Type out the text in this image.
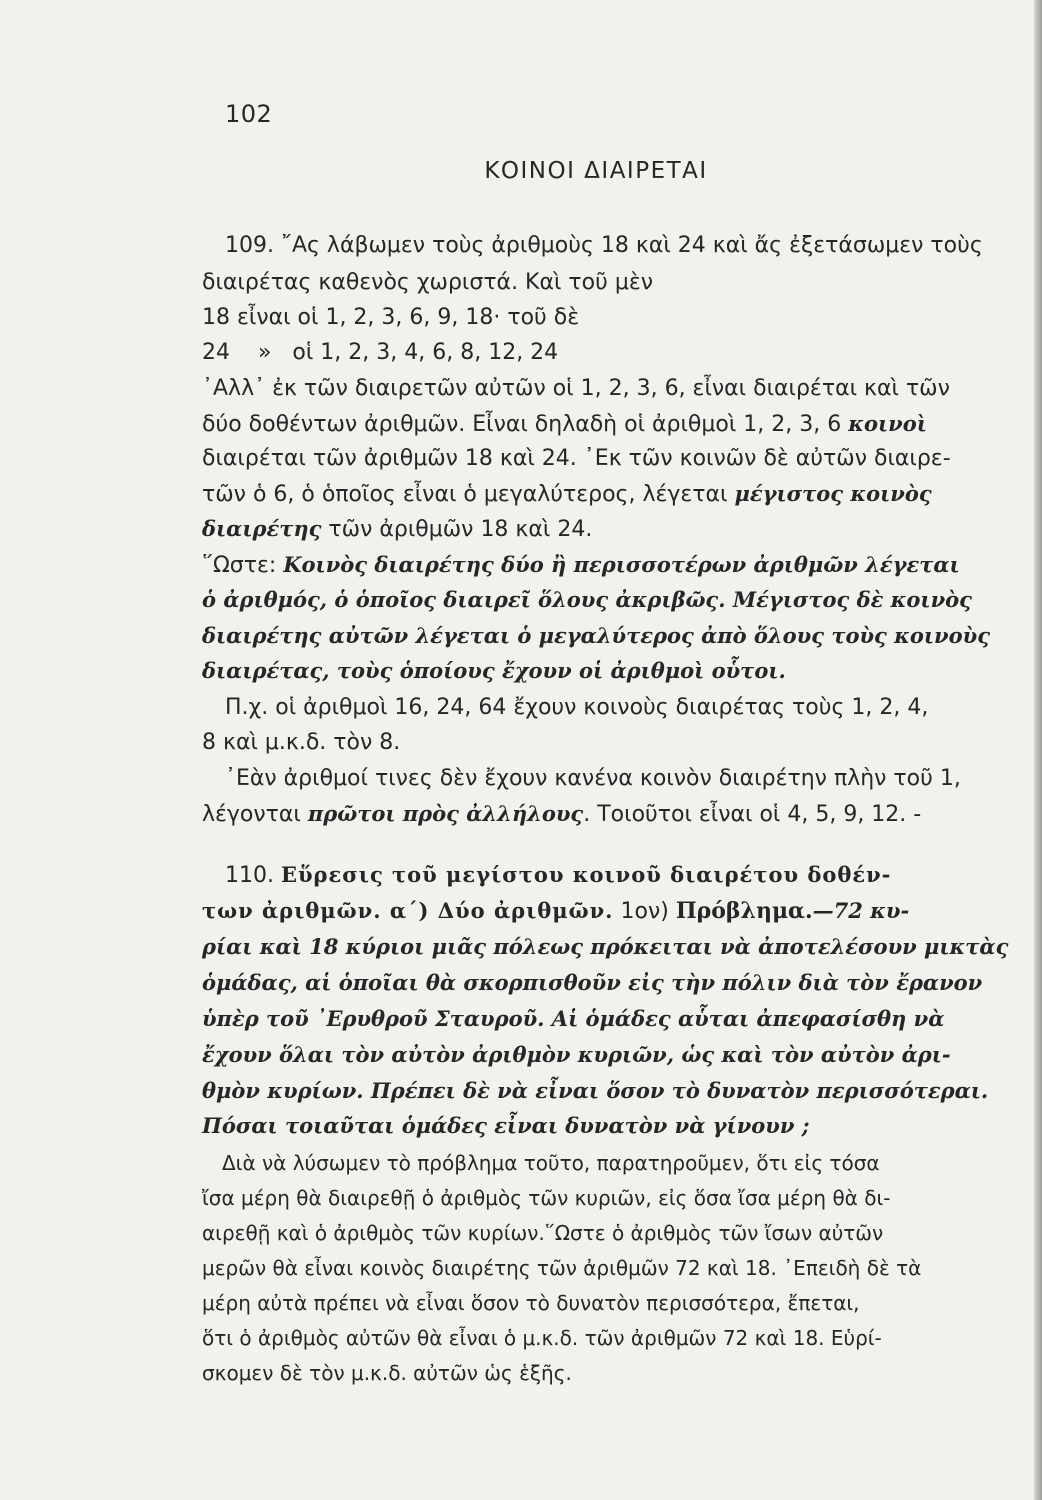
102
ΚΟΙΝΟΙ ΔΙΑΙΡΕΤΑΙ
109. ῎Ας λάβωμεν τοὺς ἀριθμοὺς 18 καὶ 24 καὶ ἄς ἐξετάσωμεν τοὺς
διαιρέτας καθενὸς χωριστά. Καὶ τοῦ μὲν
18 εἶναι οἱ 1, 2, 3, 6, 9, 18· τοῦ δὲ
24    »   οἱ 1, 2, 3, 4, 6, 8, 12, 24
᾿Αλλ᾿ ἐκ τῶν διαιρετῶν αὐτῶν οἱ 1, 2, 3, 6, εἶναι διαιρέται καὶ τῶν
δύο δοθέντων ἀριθμῶν. Εἶναι δηλαδὴ οἱ ἀριθμοὶ 1, 2, 3, 6 κοινοὶ
διαιρέται τῶν ἀριθμῶν 18 καὶ 24. ᾿Εκ τῶν κοινῶν δὲ αὐτῶν διαιρε-
τῶν ὁ 6, ὁ ὁποῖος εἶναι ὁ μεγαλύτερος, λέγεται μέγιστος κοινὸς
διαιρέτης τῶν ἀριθμῶν 18 καὶ 24.
῞Ωστε: Κοινὸς διαιρέτης δύο ἢ περισσοτέρων ἀριθμῶν λέγεται
ὁ ἀριθμός, ὁ ὁποῖος διαιρεῖ ὅλους ἀκριβῶς. Μέγιστος δὲ κοινὸς
διαιρέτης αὐτῶν λέγεται ὁ μεγαλύτερος ἀπὸ ὅλους τοὺς κοινοὺς
διαιρέτας, τοὺς ὁποίους ἔχουν οἱ ἀριθμοὶ οὗτοι.
Π.χ. οἱ ἀριθμοὶ 16, 24, 64 ἔχουν κοινοὺς διαιρέτας τοὺς 1, 2, 4,
8 καὶ μ.κ.δ. τὸν 8.
᾿Εὰν ἀριθμοί τινες δὲν ἔχουν κανένα κοινὸν διαιρέτην πλὴν τοῦ 1,
λέγονται πρῶτοι πρὸς ἀλλήλους. Τοιοῦτοι εἶναι οἱ 4, 5, 9, 12. -
110. Εὕρεσις τοῦ μεγίστου κοινοῦ διαιρέτου δοθέν-
των ἀριθμῶν. α΄) Δύο ἀριθμῶν. 1ον) Πρόβλημα.—72 κυ-
ρίαι καὶ 18 κύριοι μιᾶς πόλεως πρόκειται νὰ ἀποτελέσουν μικτὰς
ὁμάδας, αἱ ὁποῖαι θὰ σκορπισθοῦν εἰς τὴν πόλιν διὰ τὸν ἔρανον
ὑπὲρ τοῦ ᾿Ερυθροῦ Σταυροῦ. Αἱ ὁμάδες αὗται ἀπεφασίσθη νὰ
ἔχουν ὅλαι τὸν αὐτὸν ἀριθμὸν κυριῶν, ὡς καὶ τὸν αὐτὸν ἀρι-
θμὸν κυρίων. Πρέπει δὲ νὰ εἶναι ὅσον τὸ δυνατὸν περισσότεραι.
Πόσαι τοιαῦται ὁμάδες εἶναι δυνατὸν νὰ γίνουν ;
Διὰ νὰ λύσωμεν τὸ πρόβλημα τοῦτο, παρατηροῦμεν, ὅτι εἰς τόσα
ἴσα μέρη θὰ διαιρεθῇ ὁ ἀριθμὸς τῶν κυριῶν, εἰς ὅσα ἴσα μέρη θὰ δι-
αιρεθῇ καὶ ὁ ἀριθμὸς τῶν κυρίων.῞Ωστε ὁ ἀριθμὸς τῶν ἴσων αὐτῶν
μερῶν θὰ εἶναι κοινὸς διαιρέτης τῶν ἀριθμῶν 72 καὶ 18. ᾿Επειδὴ δὲ τὰ
μέρη αὐτὰ πρέπει νὰ εἶναι ὅσον τὸ δυνατὸν περισσότερα, ἔπεται,
ὅτι ὁ ἀριθμὸς αὐτῶν θὰ εἶναι ὁ μ.κ.δ. τῶν ἀριθμῶν 72 καὶ 18. Εὑρί-
σκομεν δὲ τὸν μ.κ.δ. αὐτῶν ὡς ἑξῆς.
